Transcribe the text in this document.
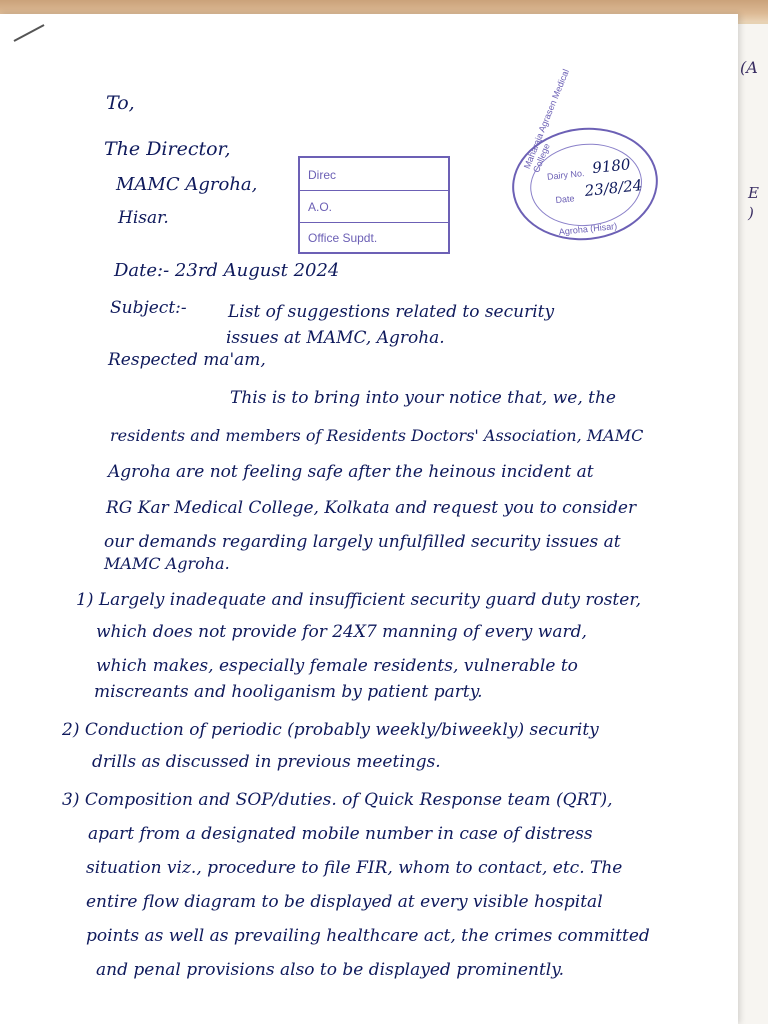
(A
E
)
To,
The Director,
MAMC Agroha,
Hisar.
Direc
A.O.
Office Supdt.
Maharaja Agrasen Medical College
Dairy No. 9180
Date 23/8/24
Agroha (Hisar)
Date:- 23rd August 2024
Subject:- List of suggestions related to security
issues at MAMC, Agroha.
Respected ma'am,
This is to bring into your notice that, we, the
residents and members of Residents Doctors' Association, MAMC
Agroha are not feeling safe after the heinous incident at
RG Kar Medical College, Kolkata and request you to consider
our demands regarding largely unfulfilled security issues at
MAMC Agroha.
1) Largely inadequate and insufficient security guard duty roster,
which does not provide for 24X7 manning of every ward,
which makes, especially female residents, vulnerable to
miscreants and hooliganism by patient party.
2) Conduction of periodic (probably weekly/biweekly) security
drills as discussed in previous meetings.
3) Composition and SOP/duties. of Quick Response team (QRT),
apart from a designated mobile number in case of distress
situation viz., procedure to file FIR, whom to contact, etc. The
entire flow diagram to be displayed at every visible hospital
points as well as prevailing healthcare act, the crimes committed
and penal provisions also to be displayed prominently.
